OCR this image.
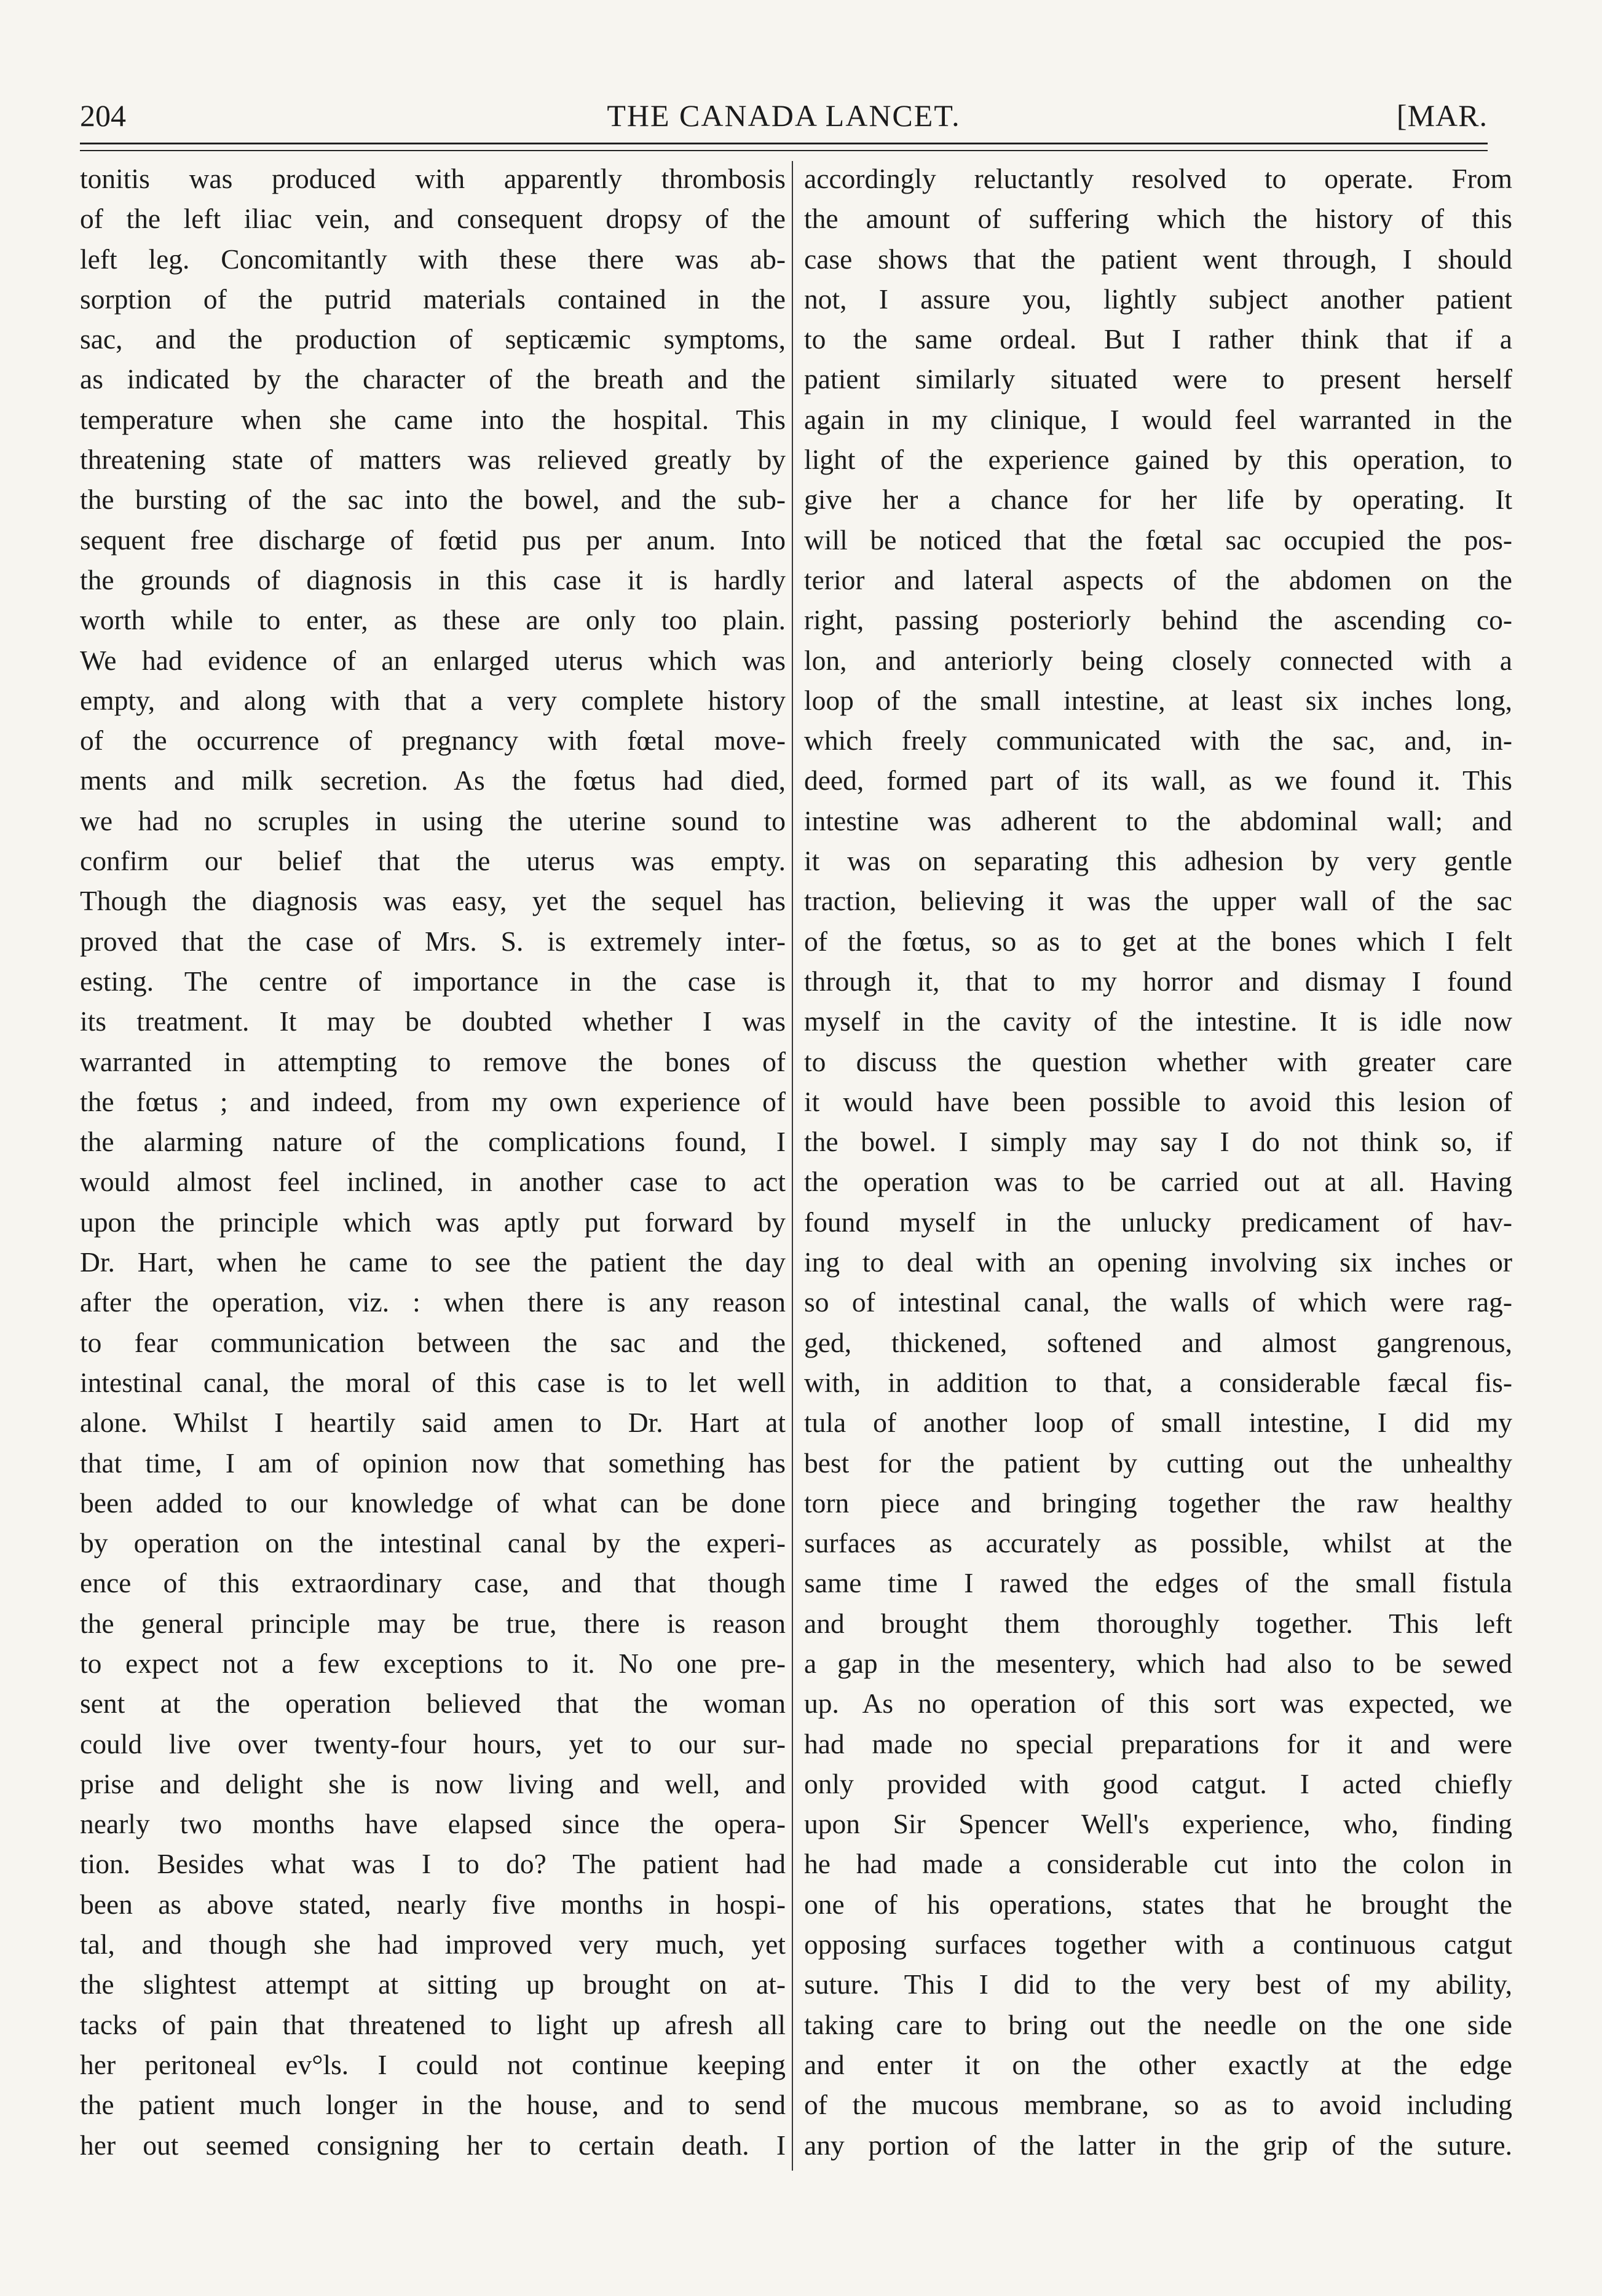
204	THE CANADA LANCET.	[MAR.
tonitis was produced with apparently thrombosis
of the left iliac vein, and consequent dropsy of the
left leg. Concomitantly with these there was ab-
sorption of the putrid materials contained in the
sac, and the production of septicæmic symptoms,
as indicated by the character of the breath and the
temperature when she came into the hospital. This
threatening state of matters was relieved greatly by
the bursting of the sac into the bowel, and the sub-
sequent free discharge of fœtid pus per anum. Into
the grounds of diagnosis in this case it is hardly
worth while to enter, as these are only too plain.
We had evidence of an enlarged uterus which was
empty, and along with that a very complete history
of the occurrence of pregnancy with fœtal move-
ments and milk secretion. As the fœtus had died,
we had no scruples in using the uterine sound to
confirm our belief that the uterus was empty.
Though the diagnosis was easy, yet the sequel has
proved that the case of Mrs. S. is extremely inter-
esting. The centre of importance in the case is
its treatment. It may be doubted whether I was
warranted in attempting to remove the bones of
the fœtus ; and indeed, from my own experience of
the alarming nature of the complications found, I
would almost feel inclined, in another case to act
upon the principle which was aptly put forward by
Dr. Hart, when he came to see the patient the day
after the operation, viz. : when there is any reason
to fear communication between the sac and the
intestinal canal, the moral of this case is to let well
alone. Whilst I heartily said amen to Dr. Hart at
that time, I am of opinion now that something has
been added to our knowledge of what can be done
by operation on the intestinal canal by the experi-
ence of this extraordinary case, and that though
the general principle may be true, there is reason
to expect not a few exceptions to it. No one pre-
sent at the operation believed that the woman
could live over twenty-four hours, yet to our sur-
prise and delight she is now living and well, and
nearly two months have elapsed since the opera-
tion. Besides what was I to do? The patient had
been as above stated, nearly five months in hospi-
tal, and though she had improved very much, yet
the slightest attempt at sitting up brought on at-
tacks of pain that threatened to light up afresh all
her peritoneal ev°ls. I could not continue keeping
the patient much longer in the house, and to send
her out seemed consigning her to certain death. I
accordingly reluctantly resolved to operate. From
the amount of suffering which the history of this
case shows that the patient went through, I should
not, I assure you, lightly subject another patient
to the same ordeal. But I rather think that if a
patient similarly situated were to present herself
again in my clinique, I would feel warranted in the
light of the experience gained by this operation, to
give her a chance for her life by operating. It
will be noticed that the fœtal sac occupied the pos-
terior and lateral aspects of the abdomen on the
right, passing posteriorly behind the ascending co-
lon, and anteriorly being closely connected with a
loop of the small intestine, at least six inches long,
which freely communicated with the sac, and, in-
deed, formed part of its wall, as we found it. This
intestine was adherent to the abdominal wall; and
it was on separating this adhesion by very gentle
traction, believing it was the upper wall of the sac
of the fœtus, so as to get at the bones which I felt
through it, that to my horror and dismay I found
myself in the cavity of the intestine. It is idle now
to discuss the question whether with greater care
it would have been possible to avoid this lesion of
the bowel. I simply may say I do not think so, if
the operation was to be carried out at all. Having
found myself in the unlucky predicament of hav-
ing to deal with an opening involving six inches or
so of intestinal canal, the walls of which were rag-
ged, thickened, softened and almost gangrenous,
with, in addition to that, a considerable fæcal fis-
tula of another loop of small intestine, I did my
best for the patient by cutting out the unhealthy
torn piece and bringing together the raw healthy
surfaces as accurately as possible, whilst at the
same time I rawed the edges of the small fistula
and brought them thoroughly together. This left
a gap in the mesentery, which had also to be sewed
up. As no operation of this sort was expected, we
had made no special preparations for it and were
only provided with good catgut. I acted chiefly
upon Sir Spencer Well's experience, who, finding
he had made a considerable cut into the colon in
one of his operations, states that he brought the
opposing surfaces together with a continuous catgut
suture. This I did to the very best of my ability,
taking care to bring out the needle on the one side
and enter it on the other exactly at the edge
of the mucous membrane, so as to avoid including
any portion of the latter in the grip of the suture.
